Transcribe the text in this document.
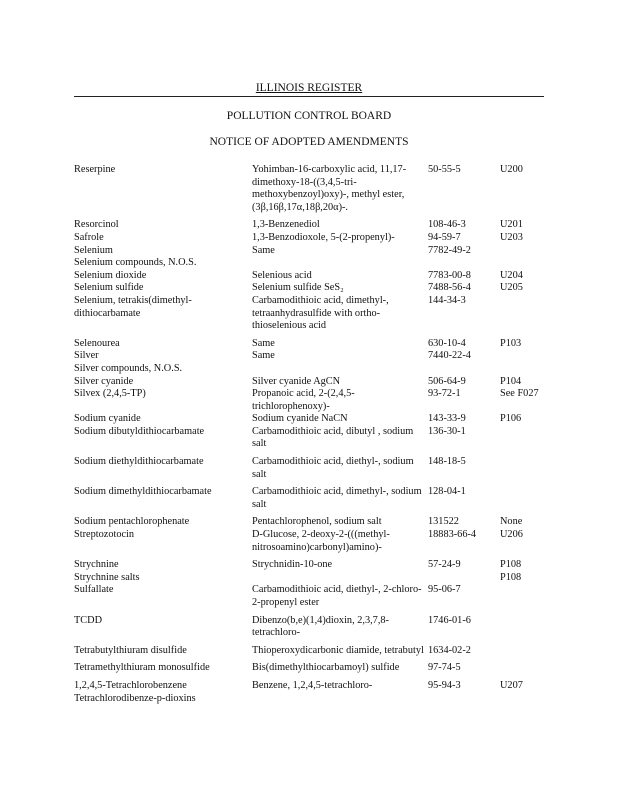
ILLINOIS REGISTER
POLLUTION CONTROL BOARD
NOTICE OF ADOPTED AMENDMENTS
Reserpine	Yohimban-16-carboxylic acid, 11,17-dimethoxy-18-((3,4,5-tri-methoxybenzoyl)oxy)-, methyl ester, (3β,16β,17α,18β,20α)-.	50-55-5	U200
Resorcinol	1,3-Benzenediol	108-46-3	U201
Safrole	1,3-Benzodioxole, 5-(2-propenyl)-	94-59-7	U203
Selenium	Same	7782-49-2	
Selenium compounds, N.O.S.			
Selenium dioxide	Selenious acid	7783-00-8	U204
Selenium sulfide	Selenium sulfide SeS₂	7488-56-4	U205
Selenium, tetrakis(dimethyl-dithiocarbamate	Carbamodithioic acid, dimethyl-, tetraanhydrasulfide with ortho-thioselenious acid	144-34-3	
Selenourea	Same	630-10-4	P103
Silver	Same	7440-22-4	
Silver compounds, N.O.S.			
Silver cyanide	Silver cyanide AgCN	506-64-9	P104
Silvex (2,4,5-TP)	Propanoic acid, 2-(2,4,5-trichlorophenoxy)-	93-72-1	See F027
Sodium cyanide	Sodium cyanide NaCN	143-33-9	P106
Sodium dibutyldithiocarbamate	Carbamodithioic acid, dibutyl , sodium salt	136-30-1	
Sodium diethyldithiocarbamate	Carbamodithioic acid, diethyl-, sodium salt	148-18-5	
Sodium dimethyldithiocarbamate	Carbamodithioic acid, dimethyl-, sodium salt	128-04-1	
Sodium pentachlorophenate	Pentachlorophenol, sodium salt	131522	None
Streptozotocin	D-Glucose, 2-deoxy-2-(((methyl-nitrosoamino)carbonyl)amino)-	18883-66-4	U206
Strychnine	Strychnidin-10-one	57-24-9	P108
Strychnine salts			P108
Sulfallate	Carbamodithioic acid, diethyl-, 2-chloro-2-propenyl ester	95-06-7	
TCDD	Dibenzo(b,e)(1,4)dioxin, 2,3,7,8-tetrachloro-	1746-01-6	
Tetrabutylthiuram disulfide	Thioperoxydicarbonic diamide, tetrabutyl	1634-02-2	
Tetramethylthiuram monosulfide	Bis(dimethylthiocarbamoyl) sulfide	97-74-5	
1,2,4,5-Tetrachlorobenzene	Benzene, 1,2,4,5-tetrachloro-	95-94-3	U207
Tetrachlorodibenze-p-dioxins			
